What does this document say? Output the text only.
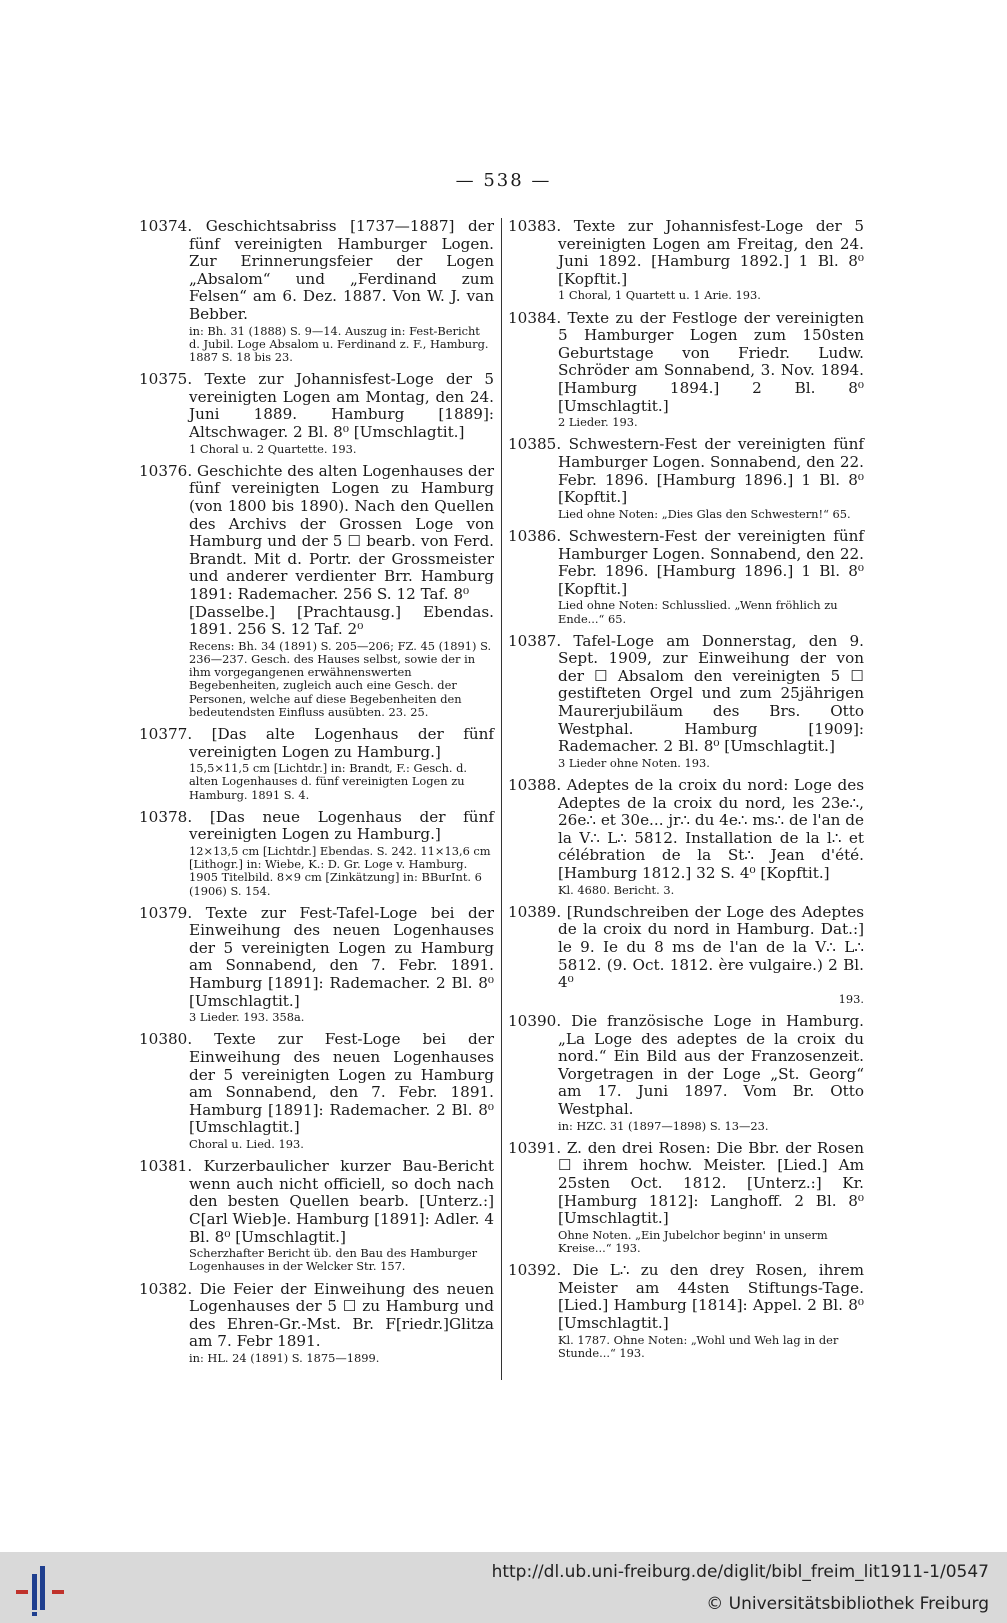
— 538 —
10374. Geschichtsabriss [1737—1887] der fünf vereinigten Hamburger Logen. Zur Erinnerungsfeier der Logen „Absalom“ und „Ferdinand zum Felsen“ am 6. Dez. 1887. Von W. J. van Bebber.
in: Bh. 31 (1888) S. 9—14. Auszug in: Fest-Bericht d. Jubil. Loge Absalom u. Ferdinand z. F., Hamburg. 1887 S. 18 bis 23.
10375. Texte zur Johannisfest-Loge der 5 vereinigten Logen am Montag, den 24. Juni 1889. Hamburg [1889]: Altschwager. 2 Bl. 8⁰ [Umschlagtit.]
1 Choral u. 2 Quartette. 193.
10376. Geschichte des alten Logenhauses der fünf vereinigten Logen zu Hamburg (von 1800 bis 1890). Nach den Quellen des Archivs der Grossen Loge von Hamburg und der 5 ☐ bearb. von Ferd. Brandt. Mit d. Portr. der Grossmeister und anderer verdienter Brr. Hamburg 1891: Rademacher. 256 S. 12 Taf. 8⁰
[Dasselbe.] [Prachtausg.] Ebendas. 1891. 256 S. 12 Taf. 2⁰
Recens: Bh. 34 (1891) S. 205—206; FZ. 45 (1891) S. 236—237. Gesch. des Hauses selbst, sowie der in ihm vorgegangenen erwähnenswerten Begebenheiten, zugleich auch eine Gesch. der Personen, welche auf diese Begebenheiten den bedeutendsten Einfluss ausübten. 23. 25.
10377. [Das alte Logenhaus der fünf vereinigten Logen zu Hamburg.]
15,5×11,5 cm [Lichtdr.] in: Brandt, F.: Gesch. d. alten Logenhauses d. fünf vereinigten Logen zu Hamburg. 1891 S. 4.
10378. [Das neue Logenhaus der fünf vereinigten Logen zu Hamburg.]
12×13,5 cm [Lichtdr.] Ebendas. S. 242. 11×13,6 cm [Lithogr.] in: Wiebe, K.: D. Gr. Loge v. Hamburg. 1905 Titelbild. 8×9 cm [Zinkätzung] in: BBurInt. 6 (1906) S. 154.
10379. Texte zur Fest-Tafel-Loge bei der Einweihung des neuen Logenhauses der 5 vereinigten Logen zu Hamburg am Sonnabend, den 7. Febr. 1891. Hamburg [1891]: Rademacher. 2 Bl. 8⁰ [Umschlagtit.]
3 Lieder. 193. 358a.
10380. Texte zur Fest-Loge bei der Einweihung des neuen Logenhauses der 5 vereinigten Logen zu Hamburg am Sonnabend, den 7. Febr. 1891. Hamburg [1891]: Rademacher. 2 Bl. 8⁰ [Umschlagtit.]
Choral u. Lied. 193.
10381. Kurzerbaulicher kurzer Bau-Bericht wenn auch nicht officiell, so doch nach den besten Quellen bearb. [Unterz.:] C[arl Wieb]e. Hamburg [1891]: Adler. 4 Bl. 8⁰ [Umschlagtit.]
Scherzhafter Bericht üb. den Bau des Hamburger Logenhauses in der Welcker Str. 157.
10382. Die Feier der Einweihung des neuen Logenhauses der 5 ☐ zu Hamburg und des Ehren-Gr.-Mst. Br. F[riedr.]Glitza am 7. Febr 1891.
in: HL. 24 (1891) S. 1875—1899.
10383. Texte zur Johannisfest-Loge der 5 vereinigten Logen am Freitag, den 24. Juni 1892. [Hamburg 1892.] 1 Bl. 8⁰ [Kopftit.]
1 Choral, 1 Quartett u. 1 Arie. 193.
10384. Texte zu der Festloge der vereinigten 5 Hamburger Logen zum 150sten Geburtstage von Friedr. Ludw. Schröder am Sonnabend, 3. Nov. 1894. [Hamburg 1894.] 2 Bl. 8⁰ [Umschlagtit.]
2 Lieder. 193.
10385. Schwestern-Fest der vereinigten fünf Hamburger Logen. Sonnabend, den 22. Febr. 1896. [Hamburg 1896.] 1 Bl. 8⁰ [Kopftit.]
Lied ohne Noten: „Dies Glas den Schwestern!“ 65.
10386. Schwestern-Fest der vereinigten fünf Hamburger Logen. Sonnabend, den 22. Febr. 1896. [Hamburg 1896.] 1 Bl. 8⁰ [Kopftit.]
Lied ohne Noten: Schlusslied. „Wenn fröhlich zu Ende...“ 65.
10387. Tafel-Loge am Donnerstag, den 9. Sept. 1909, zur Einweihung der von der ☐ Absalom den vereinigten 5 ☐ gestifteten Orgel und zum 25jährigen Maurerjubiläum des Brs. Otto Westphal. Hamburg [1909]: Rademacher. 2 Bl. 8⁰ [Umschlagtit.]
3 Lieder ohne Noten. 193.
10388. Adeptes de la croix du nord: Loge des Adeptes de la croix du nord, les 23e∴, 26e∴ et 30e... jr∴ du 4e∴ ms∴ de l'an de la V∴ L∴ 5812. Installation de la l∴ et célébration de la St∴ Jean d'été. [Hamburg 1812.] 32 S. 4⁰ [Kopftit.]
Kl. 4680. Bericht. 3.
10389. [Rundschreiben der Loge des Adeptes de la croix du nord in Hamburg. Dat.:] le 9. Ie du 8 ms de l'an de la V∴ L∴ 5812. (9. Oct. 1812. ère vulgaire.) 2 Bl. 4⁰
193.
10390. Die französische Loge in Hamburg. „La Loge des adeptes de la croix du nord.“ Ein Bild aus der Franzosenzeit. Vorgetragen in der Loge „St. Georg“ am 17. Juni 1897. Vom Br. Otto Westphal.
in: HZC. 31 (1897—1898) S. 13—23.
10391. Z. den drei Rosen: Die Bbr. der Rosen ☐ ihrem hochw. Meister. [Lied.] Am 25sten Oct. 1812. [Unterz.:] Kr. [Hamburg 1812]: Langhoff. 2 Bl. 8⁰ [Umschlagtit.]
Ohne Noten. „Ein Jubelchor beginn' in unserm Kreise...“ 193.
10392. Die L∴ zu den drey Rosen, ihrem Meister am 44sten Stiftungs-Tage. [Lied.] Hamburg [1814]: Appel. 2 Bl. 8⁰ [Umschlagtit.]
Kl. 1787. Ohne Noten: „Wohl und Weh lag in der Stunde...“ 193.
http://dl.ub.uni-freiburg.de/diglit/bibl_freim_lit1911-1/0547
© Universitätsbibliothek Freiburg
